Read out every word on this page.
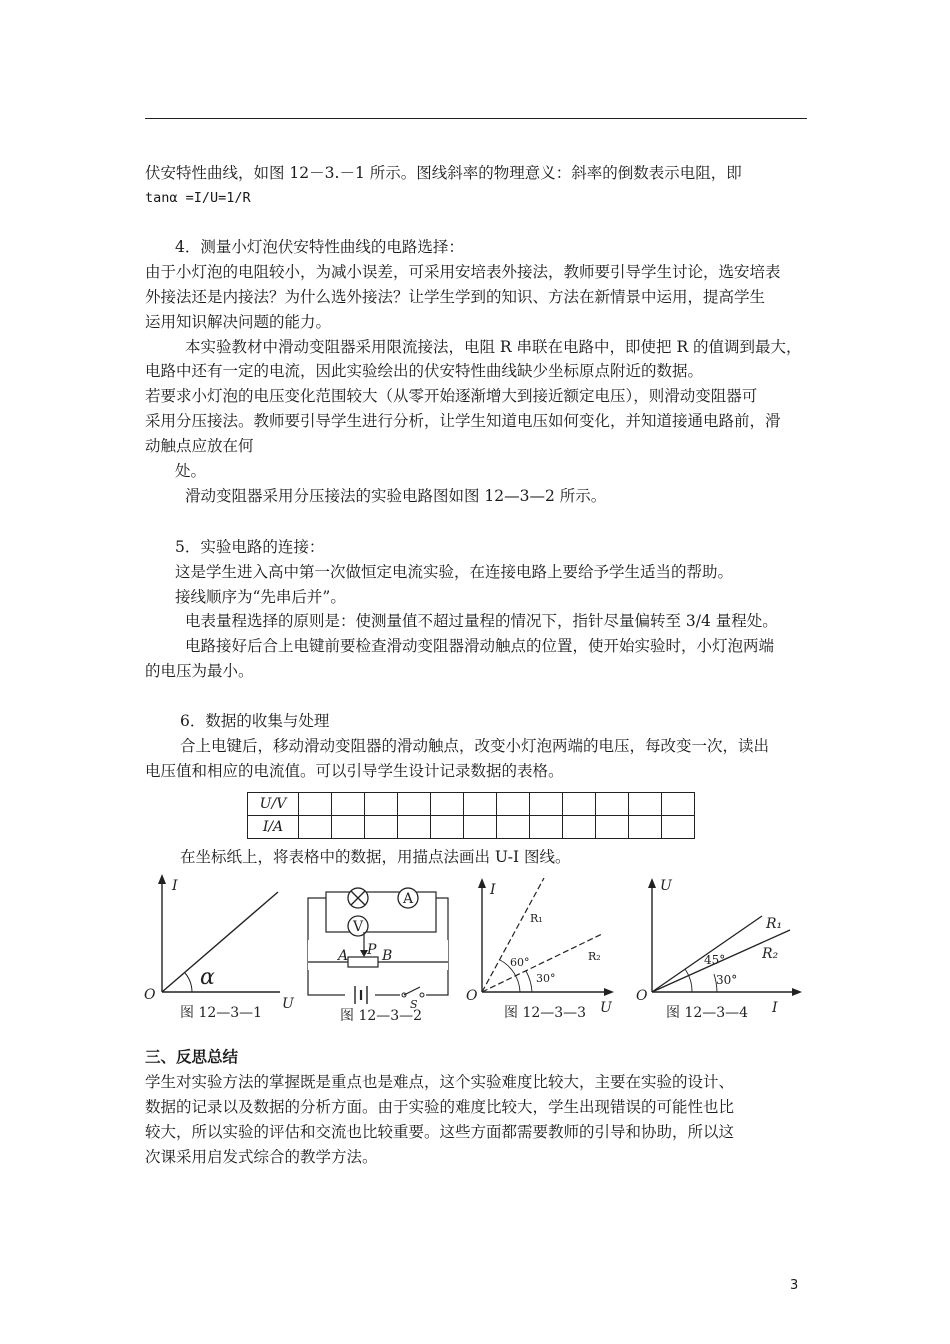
伏安特性曲线，如图 12－3.－1 所示。图线斜率的物理意义：斜率的倒数表示电阻，即
tanα =I/U=1/R
4．测量小灯泡伏安特性曲线的电路选择：
由于小灯泡的电阻较小，为减小误差，可采用安培表外接法，教师要引导学生讨论，选安培表
外接法还是内接法？为什么选外接法？让学生学到的知识、方法在新情景中运用，提高学生
运用知识解决问题的能力。
本实验教材中滑动变阻器采用限流接法，电阻 R 串联在电路中，即使把 R 的值调到最大，
电路中还有一定的电流，因此实验绘出的伏安特性曲线缺少坐标原点附近的数据。
若要求小灯泡的电压变化范围较大（从零开始逐渐增大到接近额定电压），则滑动变阻器可
采用分压接法。教师要引导学生进行分析，让学生知道电压如何变化，并知道接通电路前，滑
动触点应放在何
处。
滑动变阻器采用分压接法的实验电路图如图 12—3—2 所示。
5．实验电路的连接：
这是学生进入高中第一次做恒定电流实验，在连接电路上要给予学生适当的帮助。
接线顺序为“先串后并”。
电表量程选择的原则是：使测量值不超过量程的情况下，指针尽量偏转至 3/4 量程处。
电路接好后合上电键前要检查滑动变阻器滑动触点的位置，使开始实验时，小灯泡两端
的电压为最小。
6．数据的收集与处理
合上电键后，移动滑动变阻器的滑动触点，改变小灯泡两端的电压，每改变一次，读出
电压值和相应的电流值。可以引导学生设计记录数据的表格。
U/V												
I/A												
在坐标纸上，将表格中的数据，用描点法画出 U-I 图线。
I
U
O
α
图 12—3—1
A
V
A P B
S
图 12—3—2
I
U
O
R₁
R₂
60°
30°
图 12—3—3
U
I
O
R₁
R₂
45°
30°
图 12—3—4
三、反思总结
学生对实验方法的掌握既是重点也是难点，这个实验难度比较大，主要在实验的设计、
数据的记录以及数据的分析方面。由于实验的难度比较大，学生出现错误的可能性也比
较大，所以实验的评估和交流也比较重要。这些方面都需要教师的引导和协助，所以这
次课采用启发式综合的教学方法。
3
